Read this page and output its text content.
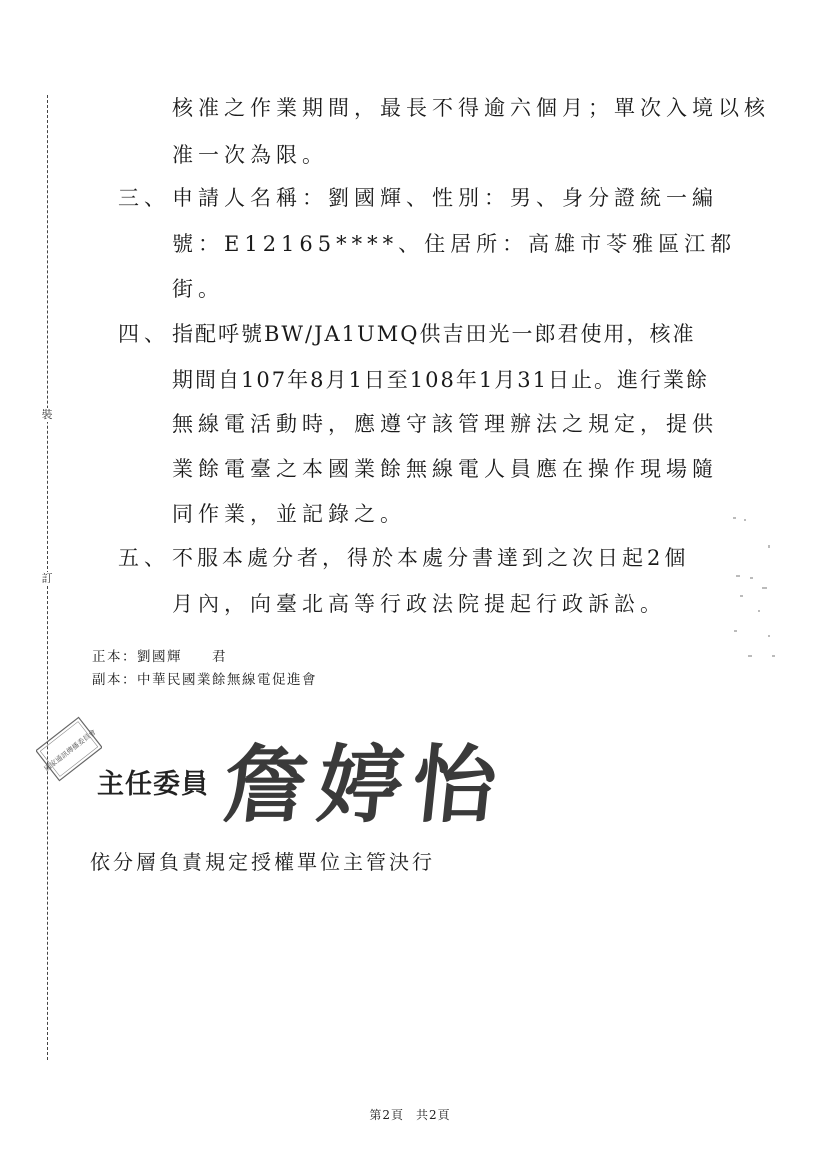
裝
訂
核准之作業期間，最長不得逾六個月；單次入境以核
准一次為限。
三、 申請人名稱：劉國輝、性別：男、身分證統一編
號：E12165****、住居所：高雄市苓雅區江都
街。
四、 指配呼號BW/JA1UMQ供吉田光一郎君使用，核准
期間自107年8月1日至108年1月31日止。進行業餘
無線電活動時，應遵守該管理辦法之規定，提供
業餘電臺之本國業餘無線電人員應在操作現場隨
同作業，並記錄之。
五、 不服本處分者，得於本處分書達到之次日起2個
月內，向臺北高等行政法院提起行政訴訟。
正本：劉國輝　　君
副本：中華民國業餘無線電促進會
國家通訊傳播委員會
主任委員 詹婷怡
依分層負責規定授權單位主管決行
第2頁 共2頁
